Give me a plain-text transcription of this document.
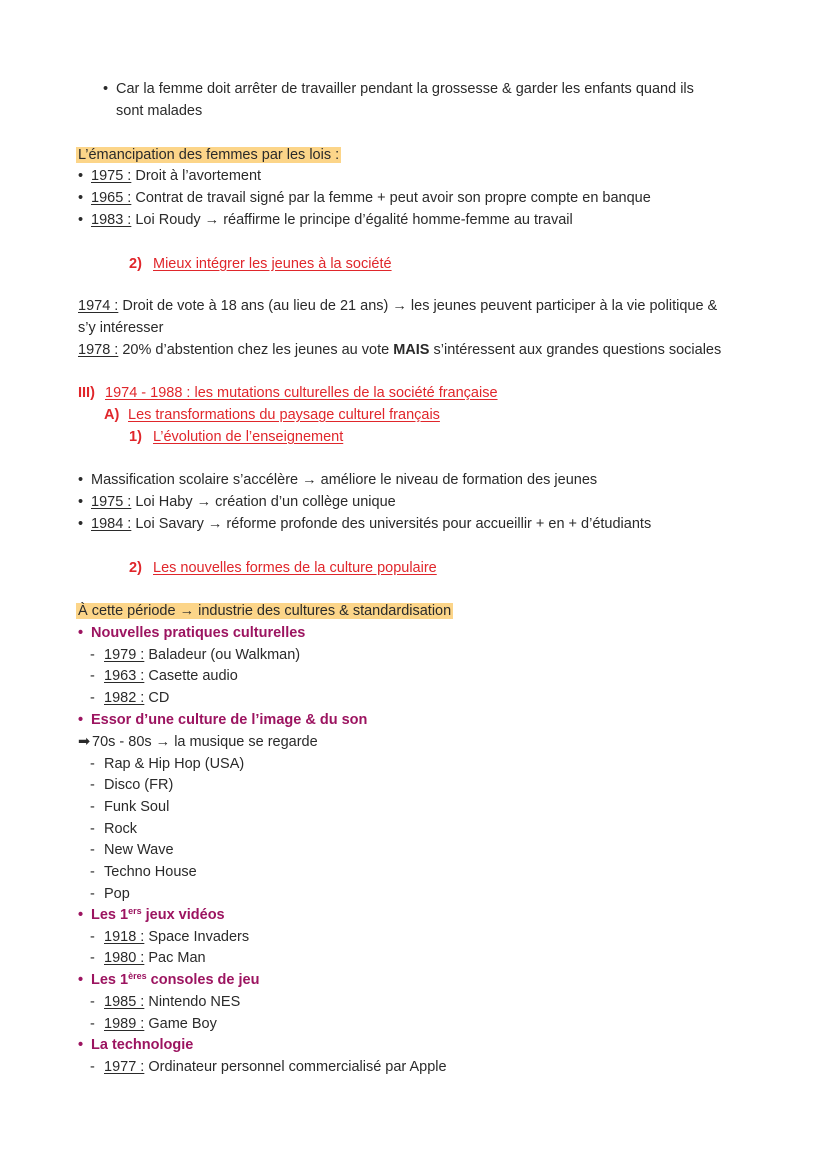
• Car la femme doit arrêter de travailler pendant la grossesse & garder les enfants quand ils
sont malades
L’émancipation des femmes par les lois :
• 1975 : Droit à l’avortement
• 1965 : Contrat de travail signé par la femme + peut avoir son propre compte en banque
• 1983 : Loi Roudy → réaffirme le principe d’égalité homme-femme au travail
2) Mieux intégrer les jeunes à la société
1974 : Droit de vote à 18 ans (au lieu de 21 ans) → les jeunes peuvent participer à la vie politique &
s’y intéresser
1978 : 20% d’abstention chez les jeunes au vote MAIS s’intéressent aux grandes questions sociales
III) 1974 - 1988 : les mutations culturelles de la société française
A) Les transformations du paysage culturel français
1) L’évolution de l’enseignement
• Massification scolaire s’accélère → améliore le niveau de formation des jeunes
• 1975 : Loi Haby → création d’un collège unique
• 1984 : Loi Savary → réforme profonde des universités pour accueillir + en + d’étudiants
2) Les nouvelles formes de la culture populaire
À cette période → industrie des cultures & standardisation
• Nouvelles pratiques culturelles
- 1979 : Baladeur (ou Walkman)
- 1963 : Casette audio
- 1982 : CD
• Essor d’une culture de l’image & du son
➡ 70s - 80s → la musique se regarde
- Rap & Hip Hop (USA)
- Disco (FR)
- Funk Soul
- Rock
- New Wave
- Techno House
- Pop
• Les 1ers jeux vidéos
- 1918 : Space Invaders
- 1980 : Pac Man
• Les 1ères consoles de jeu
- 1985 : Nintendo NES
- 1989 : Game Boy
• La technologie
- 1977 : Ordinateur personnel commercialisé par Apple
